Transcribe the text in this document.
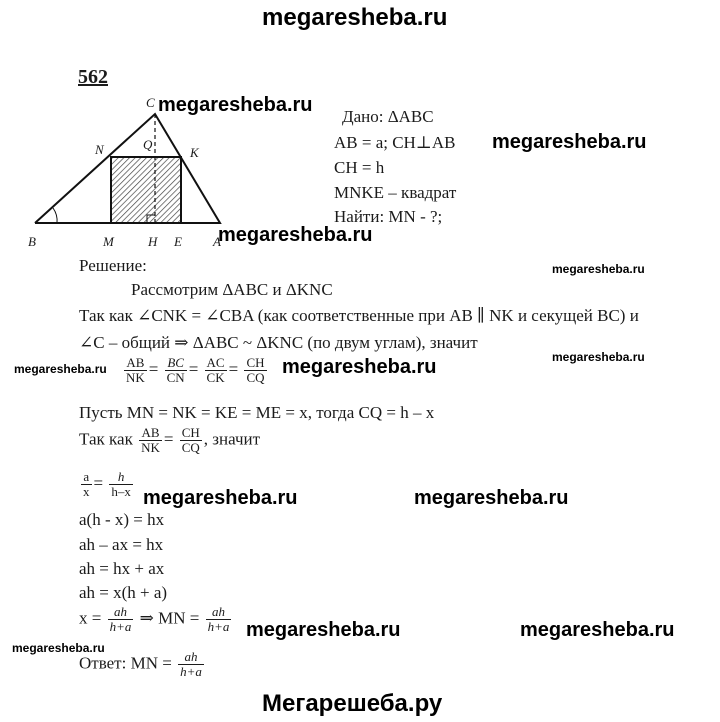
megaresheba.ru
562
C
N	Q
K
B	M	H E A
megaresheba.ru
Дано: ΔABC
AB = a; CH⊥AB
CH = h
MNKE – квадрат
Найти: MN - ?;
megaresheba.ru
megaresheba.ru
Решение:	megaresheba.ru
Рассмотрим ΔABC и ΔKNC
Так как ∠CNK = ∠CBA (как соответственные при AB ∥ NK и секущей BC) и
∠C – общий ⇒ ΔABC ~ ΔKNC (по двум углам), значит
megaresheba.ru
megaresheba.ru $\frac{AB}{NK} = \frac{BC}{CN} = \frac{AC}{CK} = \frac{CH}{CQ}$ megaresheba.ru
Пусть MN = NK = KE = ME = x, тогда CQ = h – x
Так как $\frac{AB}{NK} = \frac{CH}{CQ}$ , значит
$\frac{a}{x} = \frac{h}{h-x}$ megaresheba.ru	megaresheba.ru
a(h - x) = hx
ah – ax = hx
ah = hx + ax
ah = x(h + a)
$x = \frac{ah}{h+a}$ ⇒ MN = $\frac{ah}{h+a}$ megaresheba.ru	megaresheba.ru
megaresheba.ru
Ответ: MN = $\frac{ah}{h+a}$
Мегарешеба.ру
